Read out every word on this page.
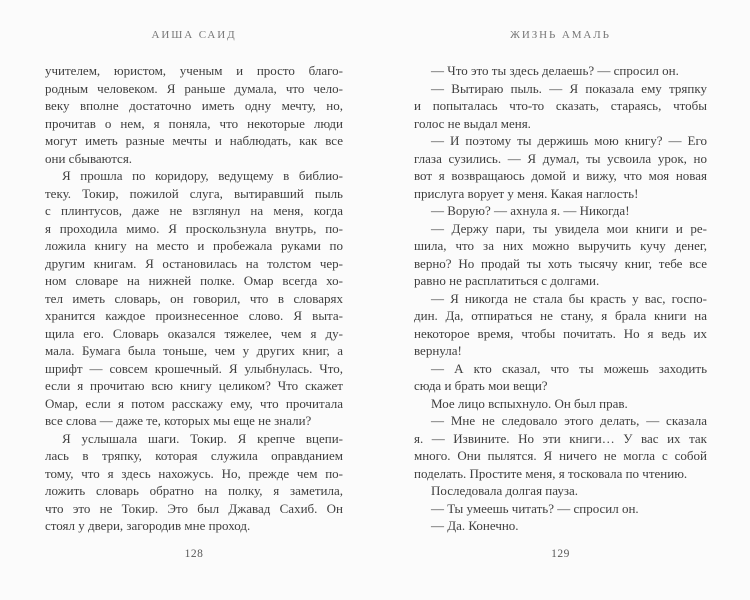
АИША САИД
учителем, юристом, ученым и просто благо-
родным человеком. Я раньше думала, что чело-
веку вполне достаточно иметь одну мечту, но,
прочитав о нем, я поняла, что некоторые люди
могут иметь разные мечты и наблюдать, как все
они сбываются.
Я прошла по коридору, ведущему в библио-
теку. Токир, пожилой слуга, вытиравший пыль
с плинтусов, даже не взглянул на меня, когда
я проходила мимо. Я проскользнула внутрь, по-
ложила книгу на место и пробежала руками по
другим книгам. Я остановилась на толстом чер-
ном словаре на нижней полке. Омар всегда хо-
тел иметь словарь, он говорил, что в словарях
хранится каждое произнесенное слово. Я выта-
щила его. Словарь оказался тяжелее, чем я ду-
мала. Бумага была тоньше, чем у других книг, а
шрифт — совсем крошечный. Я улыбнулась. Что,
если я прочитаю всю книгу целиком? Что скажет
Омар, если я потом расскажу ему, что прочитала
все слова — даже те, которых мы еще не знали?
Я услышала шаги. Токир. Я крепче вцепи-
лась в тряпку, которая служила оправданием
тому, что я здесь нахожусь. Но, прежде чем по-
ложить словарь обратно на полку, я заметила,
что это не Токир. Это был Джавад Сахиб. Он
стоял у двери, загородив мне проход.
128
ЖИЗНЬ АМАЛЬ
— Что это ты здесь делаешь? — спросил он.
— Вытираю пыль. — Я показала ему тряпку
и попыталась что-то сказать, стараясь, чтобы
голос не выдал меня.
— И поэтому ты держишь мою книгу? — Его
глаза сузились. — Я думал, ты усвоила урок, но
вот я возвращаюсь домой и вижу, что моя новая
прислуга ворует у меня. Какая наглость!
— Ворую? — ахнула я. — Никогда!
— Держу пари, ты увидела мои книги и ре-
шила, что за них можно выручить кучу денег,
верно? Но продай ты хоть тысячу книг, тебе все
равно не расплатиться с долгами.
— Я никогда не стала бы красть у вас, госпо-
дин. Да, отпираться не стану, я брала книги на
некоторое время, чтобы почитать. Но я ведь их
вернула!
— А кто сказал, что ты можешь заходить
сюда и брать мои вещи?
Мое лицо вспыхнуло. Он был прав.
— Мне не следовало этого делать, — сказала
я. — Извините. Но эти книги… У вас их так
много. Они пылятся. Я ничего не могла с собой
поделать. Простите меня, я тосковала по чтению.
Последовала долгая пауза.
— Ты умеешь читать? — спросил он.
— Да. Конечно.
129
